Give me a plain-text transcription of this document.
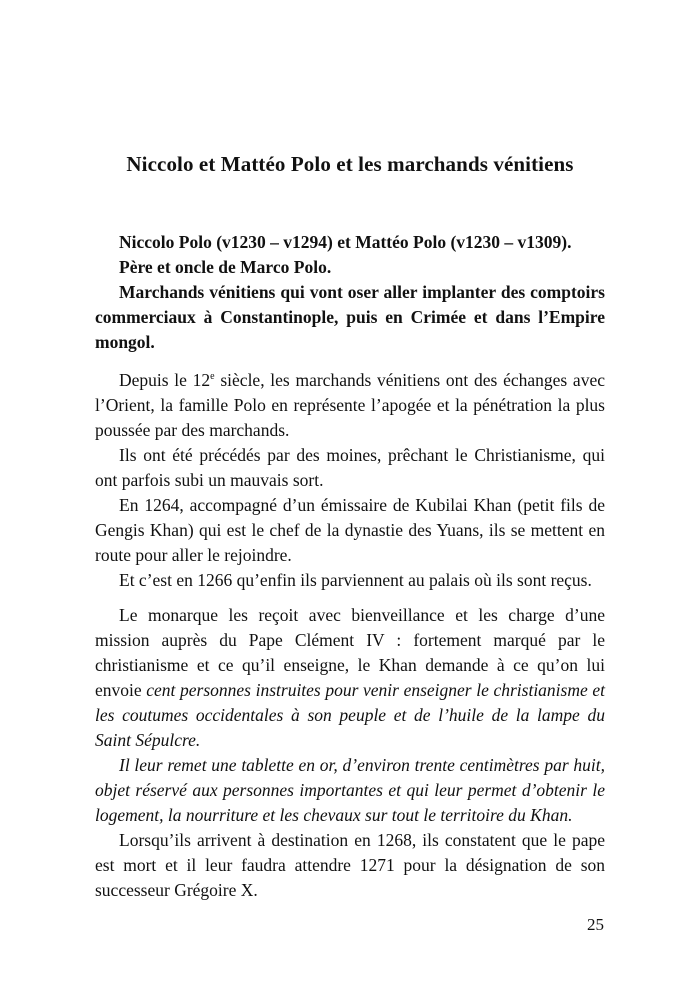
Niccolo et Mattéo Polo et les marchands vénitiens

Niccolo Polo (v1230 – v1294) et Mattéo Polo (v1230 – v1309).

Père et oncle de Marco Polo.

Marchands vénitiens qui vont oser aller implanter des comptoirs commerciaux à Constantinople, puis en Crimée et dans l’Empire mongol.

Depuis le 12e siècle, les marchands vénitiens ont des échanges avec l’Orient, la famille Polo en représente l’apogée et la pénétration la plus poussée par des marchands.

Ils ont été précédés par des moines, prêchant le Christianisme, qui ont parfois subi un mauvais sort.

En 1264, accompagné d’un émissaire de Kubilai Khan (petit fils de Gengis Khan) qui est le chef de la dynastie des Yuans, ils se mettent en route pour aller le rejoindre.

Et c’est en 1266 qu’enfin ils parviennent au palais où ils sont reçus.

Le monarque les reçoit avec bienveillance et les charge d’une mission auprès du Pape Clément IV : fortement marqué par le christianisme et ce qu’il enseigne, le Khan demande à ce qu’on lui envoie cent personnes instruites pour venir enseigner le christianisme et les coutumes occidentales à son peuple et de l’huile de la lampe du Saint Sépulcre.

Il leur remet une tablette en or, d’environ trente centimètres par huit, objet réservé aux personnes importantes et qui leur permet d’obtenir le logement, la nourriture et les chevaux sur tout le territoire du Khan.

Lorsqu’ils arrivent à destination en 1268, ils constatent que le pape est mort et il leur faudra attendre 1271 pour la désignation de son successeur Grégoire X.

25
